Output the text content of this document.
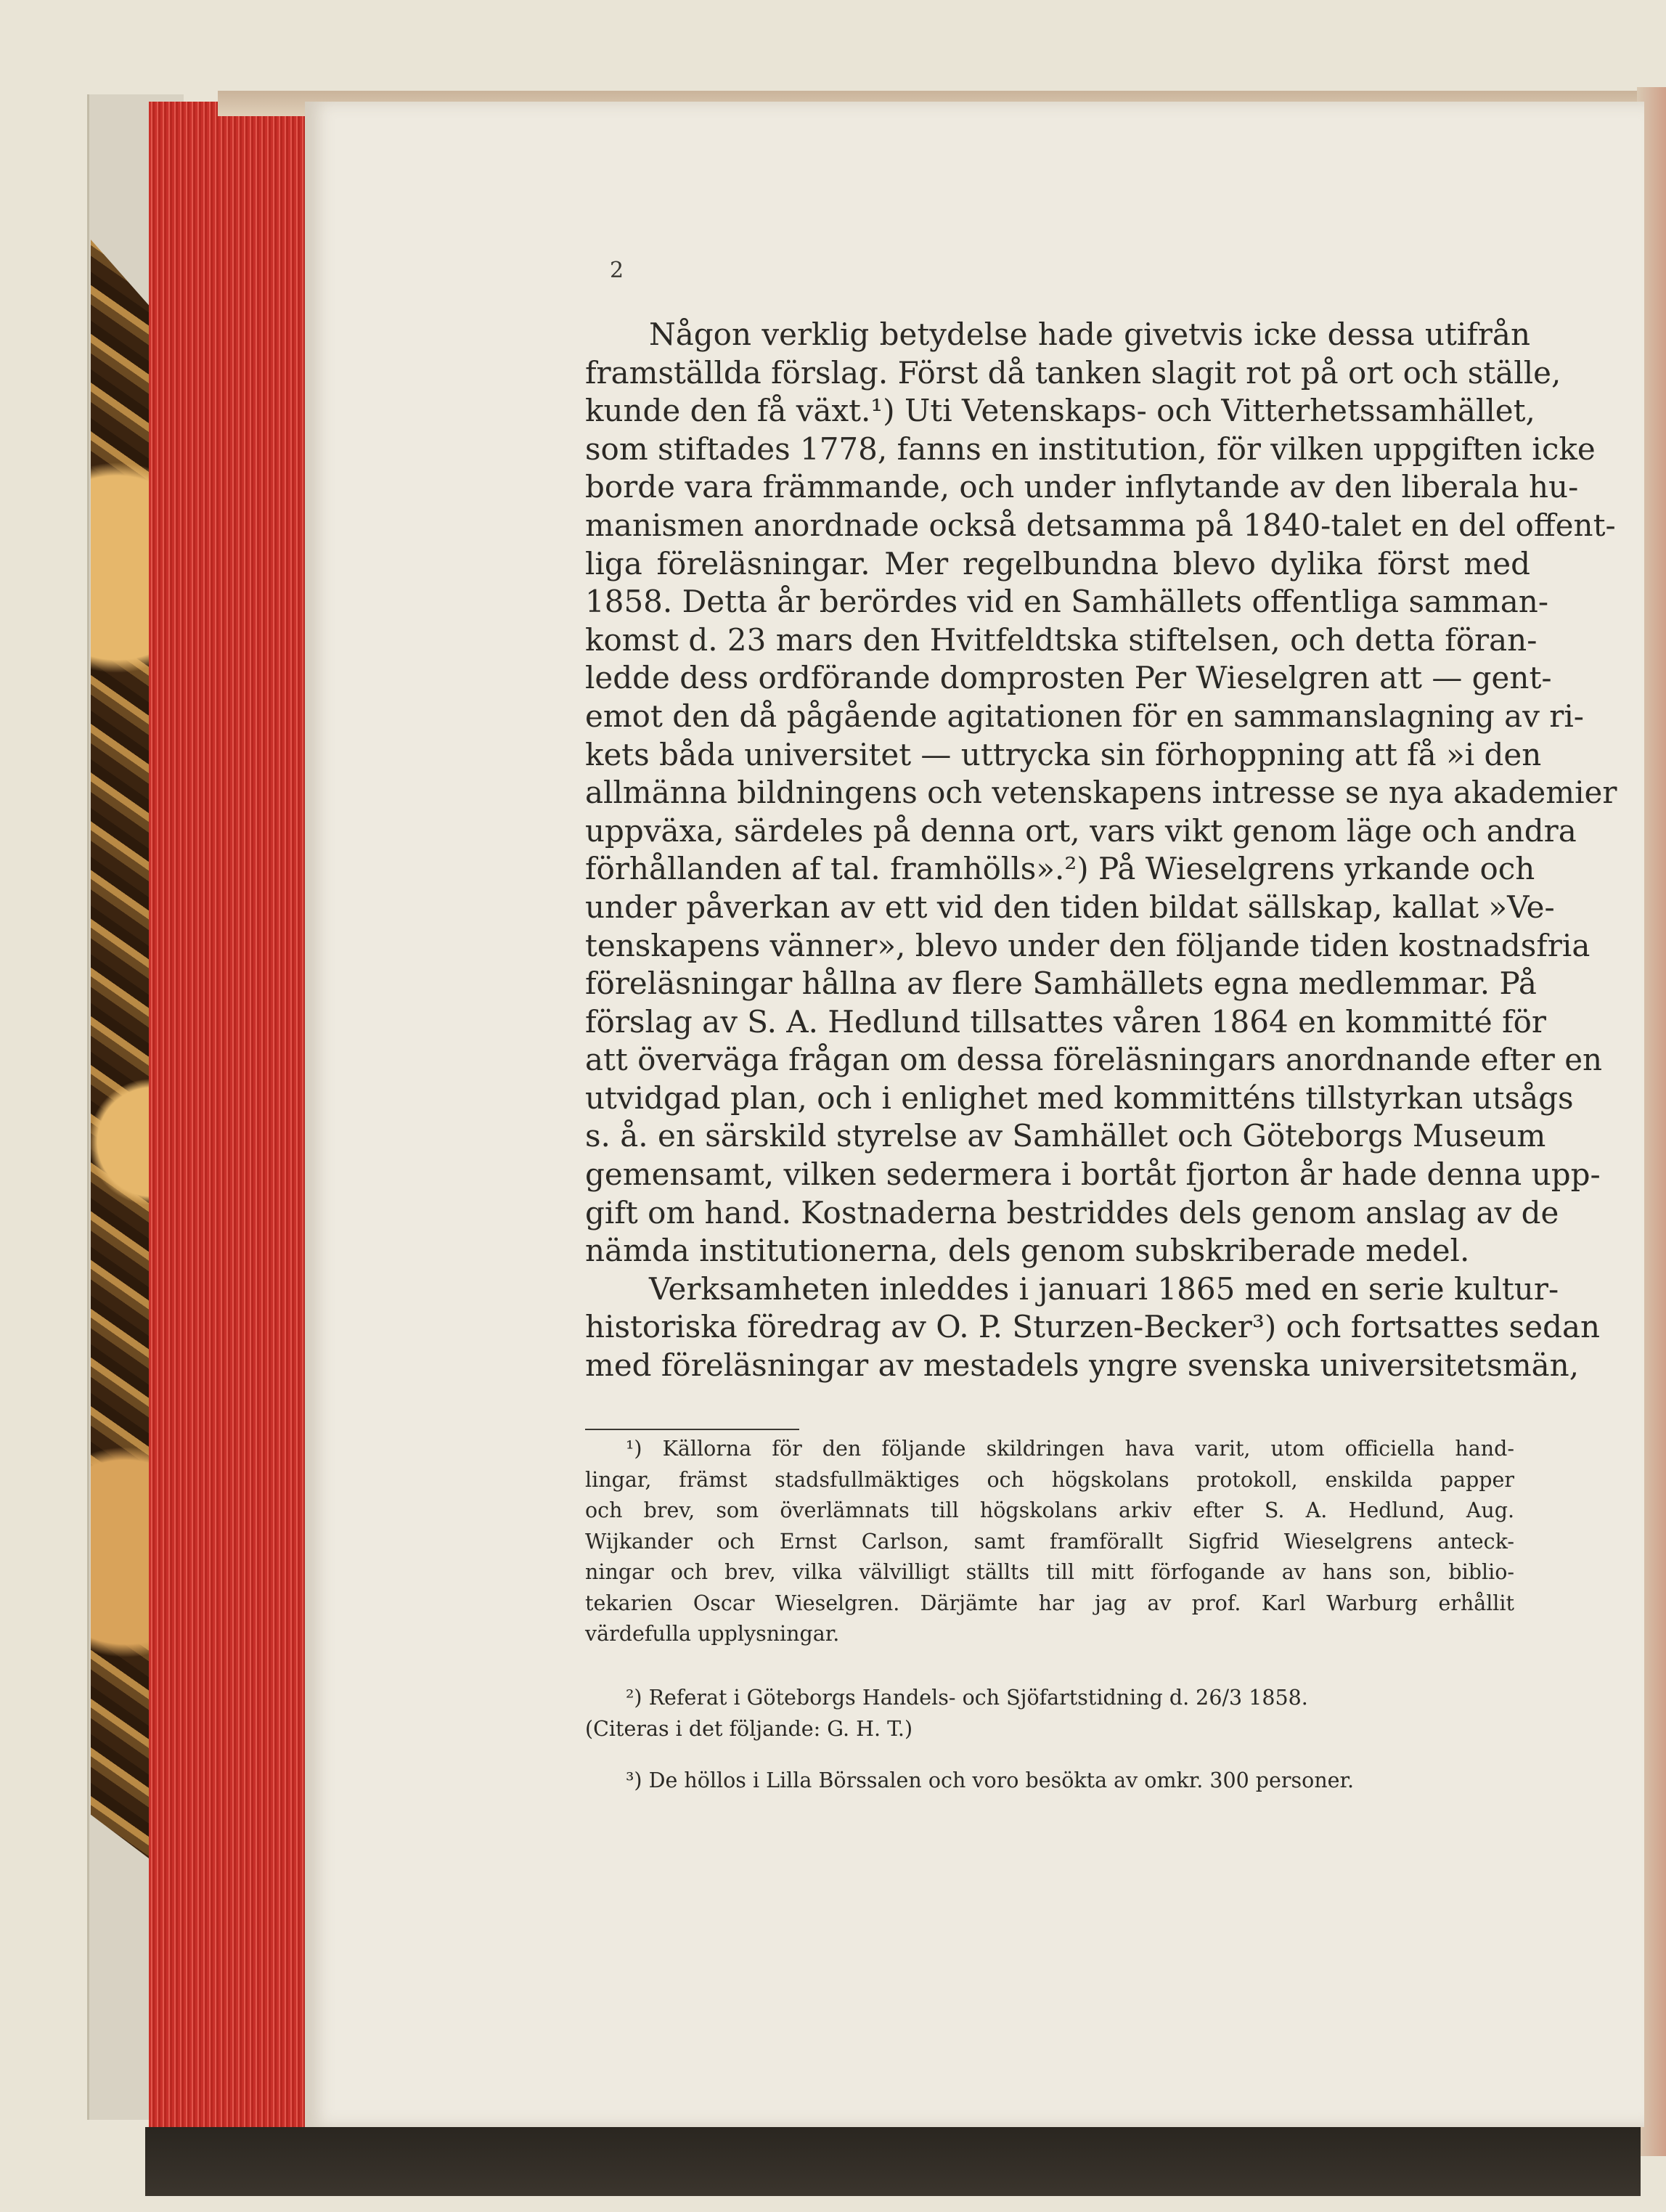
2
Någon verklig betydelse hade givetvis icke dessa utifrån
framställda förslag. Först då tanken slagit rot på ort och ställe,
kunde den få växt.¹) Uti Vetenskaps- och Vitterhetssamhället,
som stiftades 1778, fanns en institution, för vilken uppgiften icke
borde vara främmande, och under inflytande av den liberala hu-
manismen anordnade också detsamma på 1840-talet en del offent-
liga föreläsningar. Mer regelbundna blevo dylika först med
1858. Detta år berördes vid en Samhällets offentliga samman-
komst d. 23 mars den Hvitfeldtska stiftelsen, och detta föran-
ledde dess ordförande domprosten Per Wieselgren att — gent-
emot den då pågående agitationen för en sammanslagning av ri-
kets båda universitet — uttrycka sin förhoppning att få »i den
allmänna bildningens och vetenskapens intresse se nya akademier
uppväxa, särdeles på denna ort, vars vikt genom läge och andra
förhållanden af tal. framhölls».²) På Wieselgrens yrkande och
under påverkan av ett vid den tiden bildat sällskap, kallat »Ve-
tenskapens vänner», blevo under den följande tiden kostnadsfria
föreläsningar hållna av flere Samhällets egna medlemmar. På
förslag av S. A. Hedlund tillsattes våren 1864 en kommitté för
att överväga frågan om dessa föreläsningars anordnande efter en
utvidgad plan, och i enlighet med kommitténs tillstyrkan utsågs
s. å. en särskild styrelse av Samhället och Göteborgs Museum
gemensamt, vilken sedermera i bortåt fjorton år hade denna upp-
gift om hand. Kostnaderna bestriddes dels genom anslag av de
nämda institutionerna, dels genom subskriberade medel.
Verksamheten inleddes i januari 1865 med en serie kultur-
historiska föredrag av O. P. Sturzen-Becker³) och fortsattes sedan
med föreläsningar av mestadels yngre svenska universitetsmän,
¹) Källorna för den följande skildringen hava varit, utom officiella hand-
lingar, främst stadsfullmäktiges och högskolans protokoll, enskilda papper
och brev, som överlämnats till högskolans arkiv efter S. A. Hedlund, Aug.
Wijkander och Ernst Carlson, samt framförallt Sigfrid Wieselgrens anteck-
ningar och brev, vilka välvilligt ställts till mitt förfogande av hans son, biblio-
tekarien Oscar Wieselgren. Därjämte har jag av prof. Karl Warburg erhållit
värdefulla upplysningar.
²) Referat i Göteborgs Handels- och Sjöfartstidning d. 26/3 1858.
(Citeras i det följande: G. H. T.)
³) De höllos i Lilla Börssalen och voro besökta av omkr. 300 personer.
